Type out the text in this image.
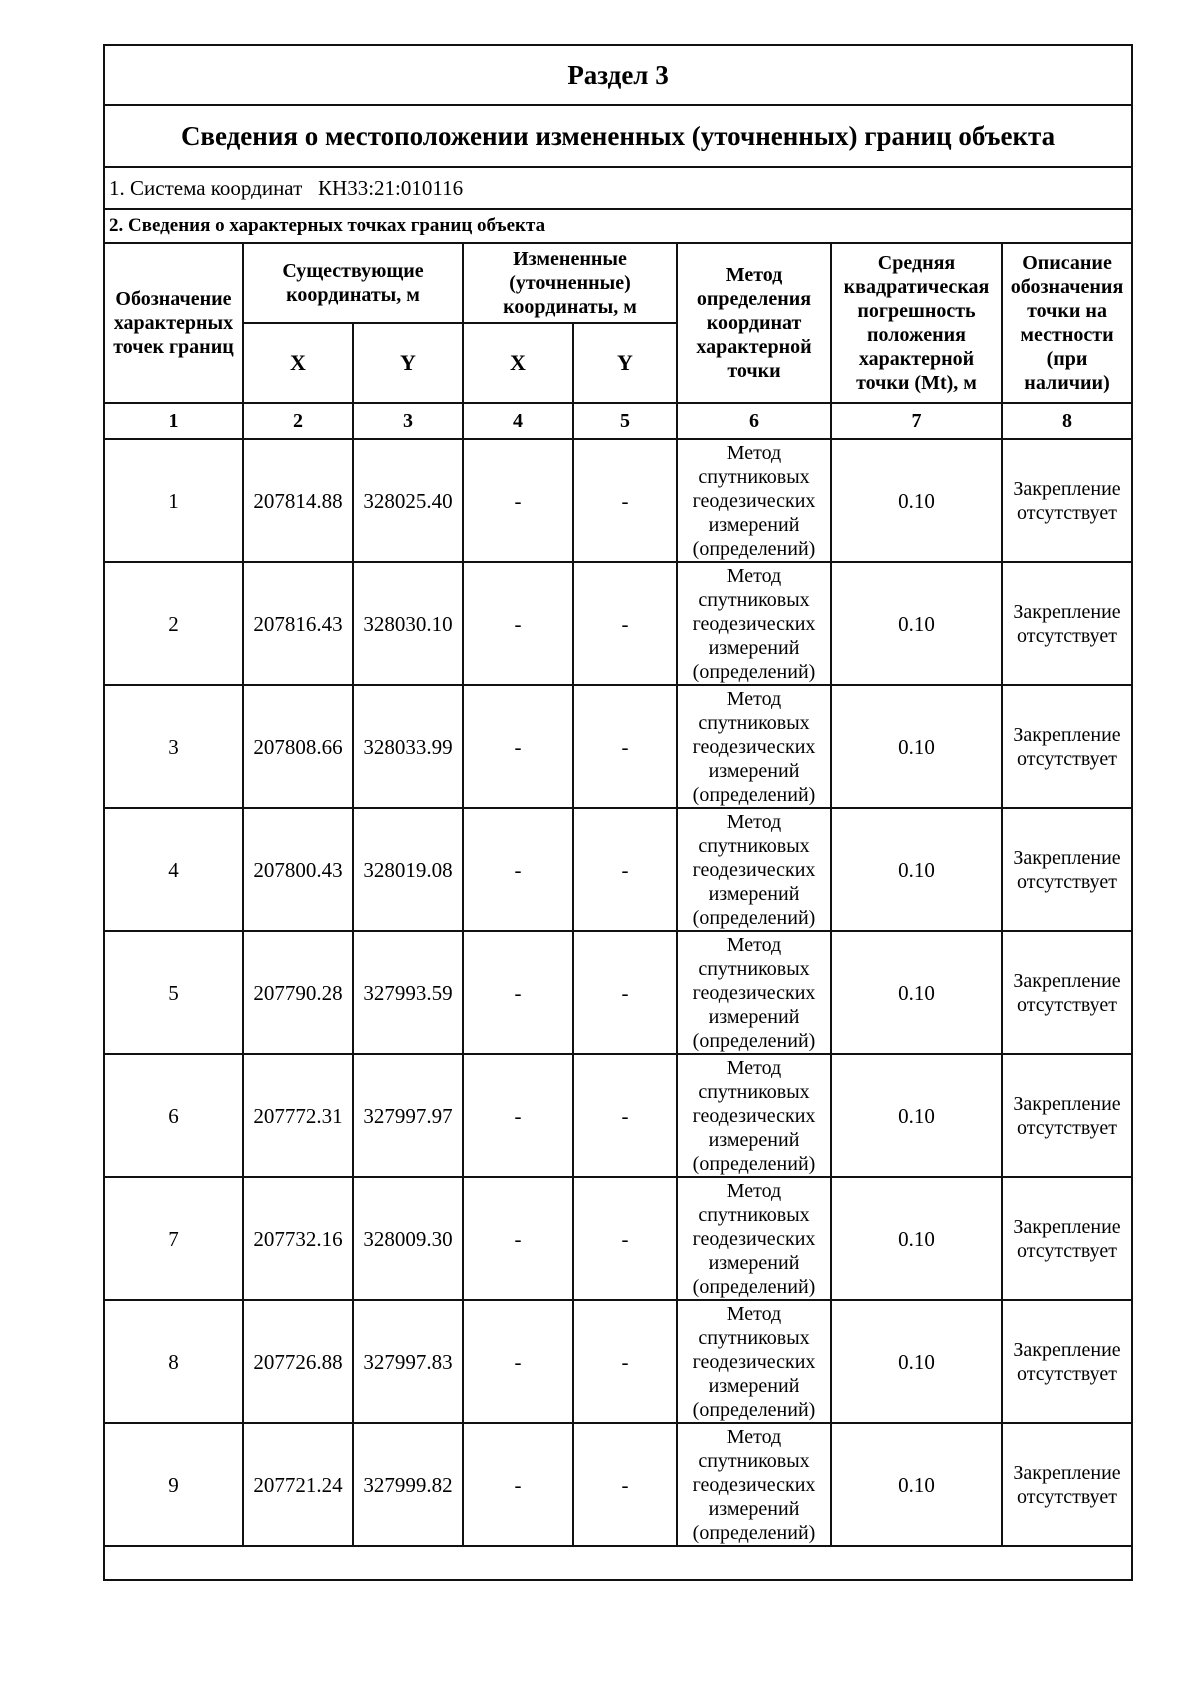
Раздел 3							
Сведения о местоположении измененных (уточненных) границ объекта							
1. Система координат КН33:21:010116							
2. Сведения о характерных точках границ объекта							
Обозначение характерных точек границ	Существующие координаты, м		Измененные (уточненные) координаты, м		Метод определения координат характерной точки	Средняя квадратическая погрешность положения характерной точки (Mt), м	Описание обозначения точки на местности (при наличии)
	X	Y	X	Y			
1	2	3	4	5	6	7	8
1	207814.88	328025.40	-	-	Метод спутниковых геодезических измерений (определений)	0.10	Закрепление отсутствует
2	207816.43	328030.10	-	-	Метод спутниковых геодезических измерений (определений)	0.10	Закрепление отсутствует
3	207808.66	328033.99	-	-	Метод спутниковых геодезических измерений (определений)	0.10	Закрепление отсутствует
4	207800.43	328019.08	-	-	Метод спутниковых геодезических измерений (определений)	0.10	Закрепление отсутствует
5	207790.28	327993.59	-	-	Метод спутниковых геодезических измерений (определений)	0.10	Закрепление отсутствует
6	207772.31	327997.97	-	-	Метод спутниковых геодезических измерений (определений)	0.10	Закрепление отсутствует
7	207732.16	328009.30	-	-	Метод спутниковых геодезических измерений (определений)	0.10	Закрепление отсутствует
8	207726.88	327997.83	-	-	Метод спутниковых геодезических измерений (определений)	0.10	Закрепление отсутствует
9	207721.24	327999.82	-	-	Метод спутниковых геодезических измерений (определений)	0.10	Закрепление отсутствует
